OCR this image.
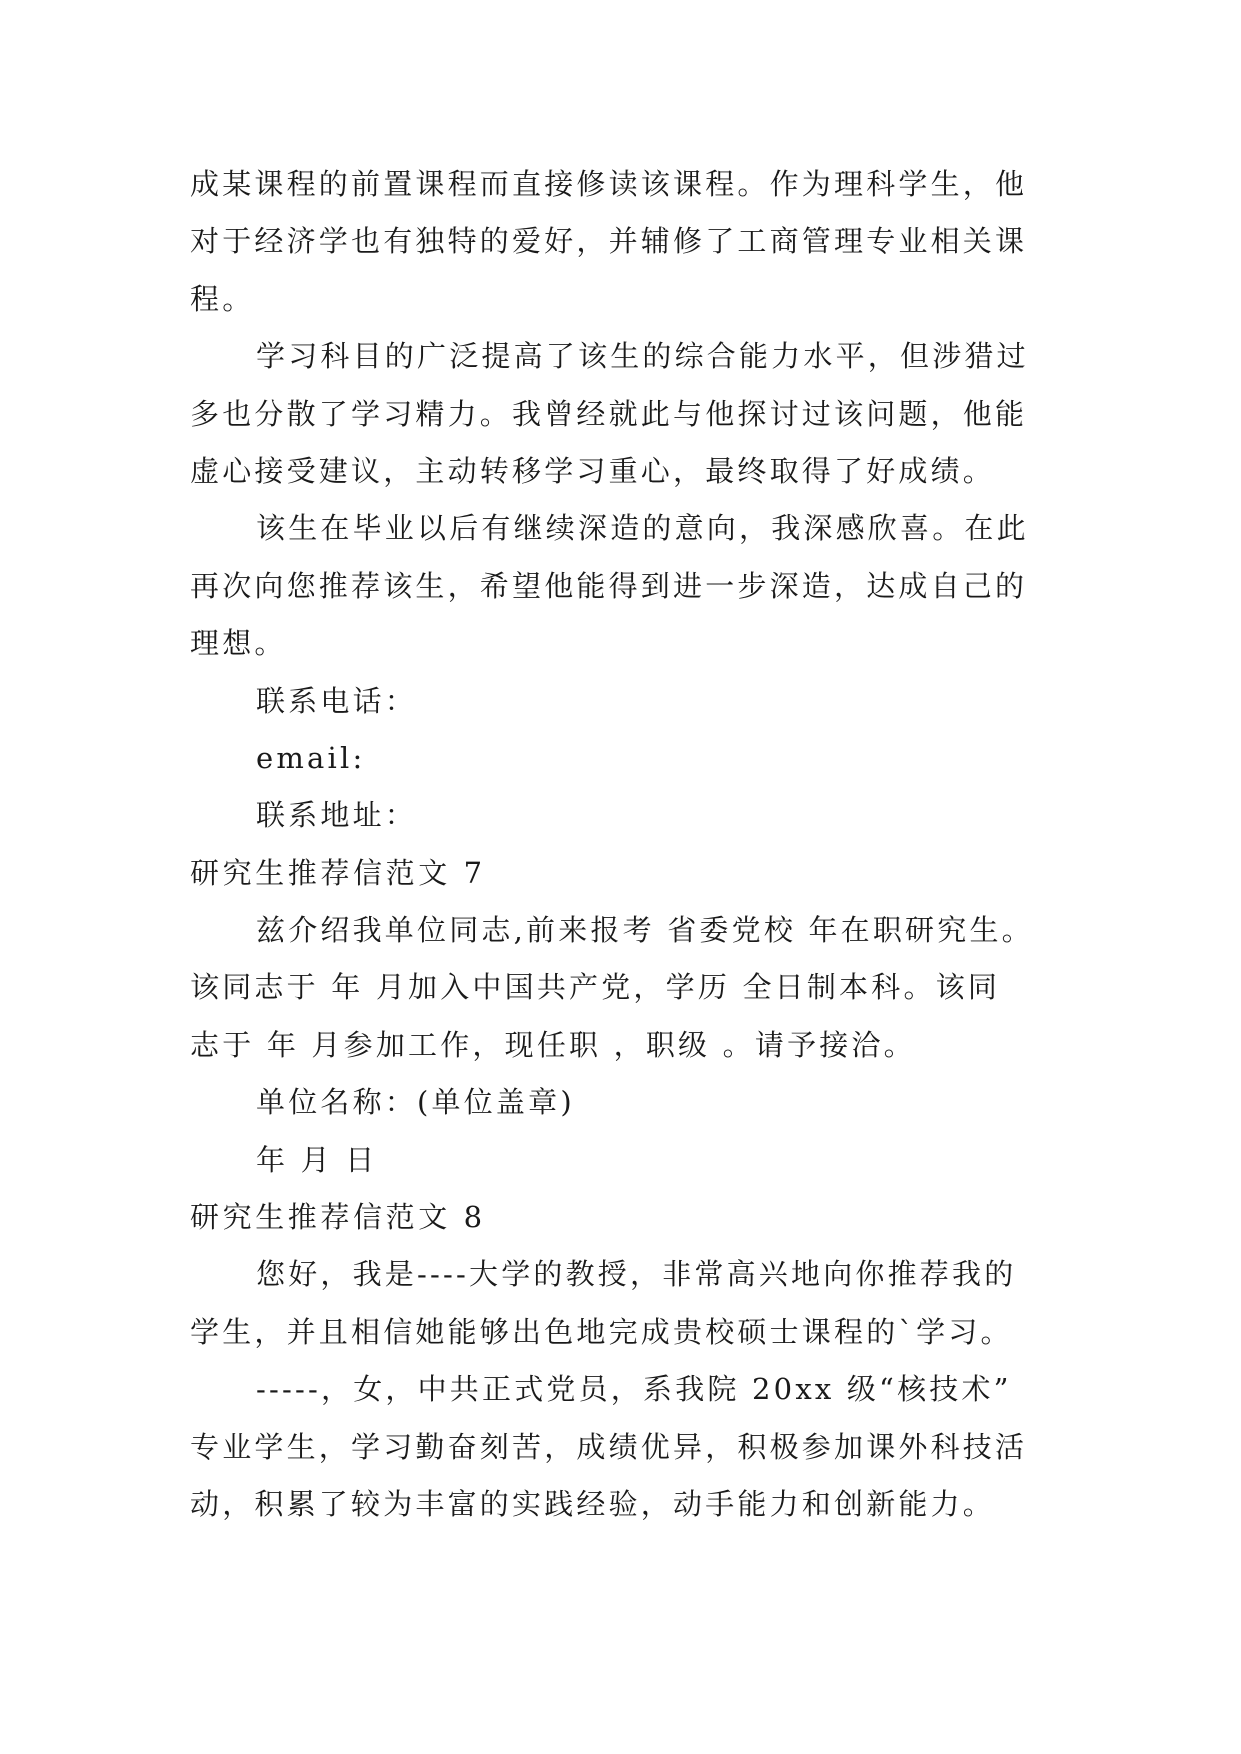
成某课程的前置课程而直接修读该课程。作为理科学生，他
对于经济学也有独特的爱好，并辅修了工商管理专业相关课
程。
学习科目的广泛提高了该生的综合能力水平，但涉猎过
多也分散了学习精力。我曾经就此与他探讨过该问题，他能
虚心接受建议，主动转移学习重心，最终取得了好成绩。
该生在毕业以后有继续深造的意向，我深感欣喜。在此
再次向您推荐该生，希望他能得到进一步深造，达成自己的
理想。
联系电话：
email:
联系地址：
研究生推荐信范文 7
兹介绍我单位同志,前来报考 省委党校 年在职研究生。
该同志于 年 月加入中国共产党，学历 全日制本科。该同
志于 年 月参加工作，现任职 ，职级 。请予接洽。
单位名称：(单位盖章)
年 月 日
研究生推荐信范文 8
您好，我是----大学的教授，非常高兴地向你推荐我的
学生，并且相信她能够出色地完成贵校硕士课程的`学习。
-----，女，中共正式党员，系我院 20xx 级“核技术”
专业学生，学习勤奋刻苦，成绩优异，积极参加课外科技活
动，积累了较为丰富的实践经验，动手能力和创新能力。
